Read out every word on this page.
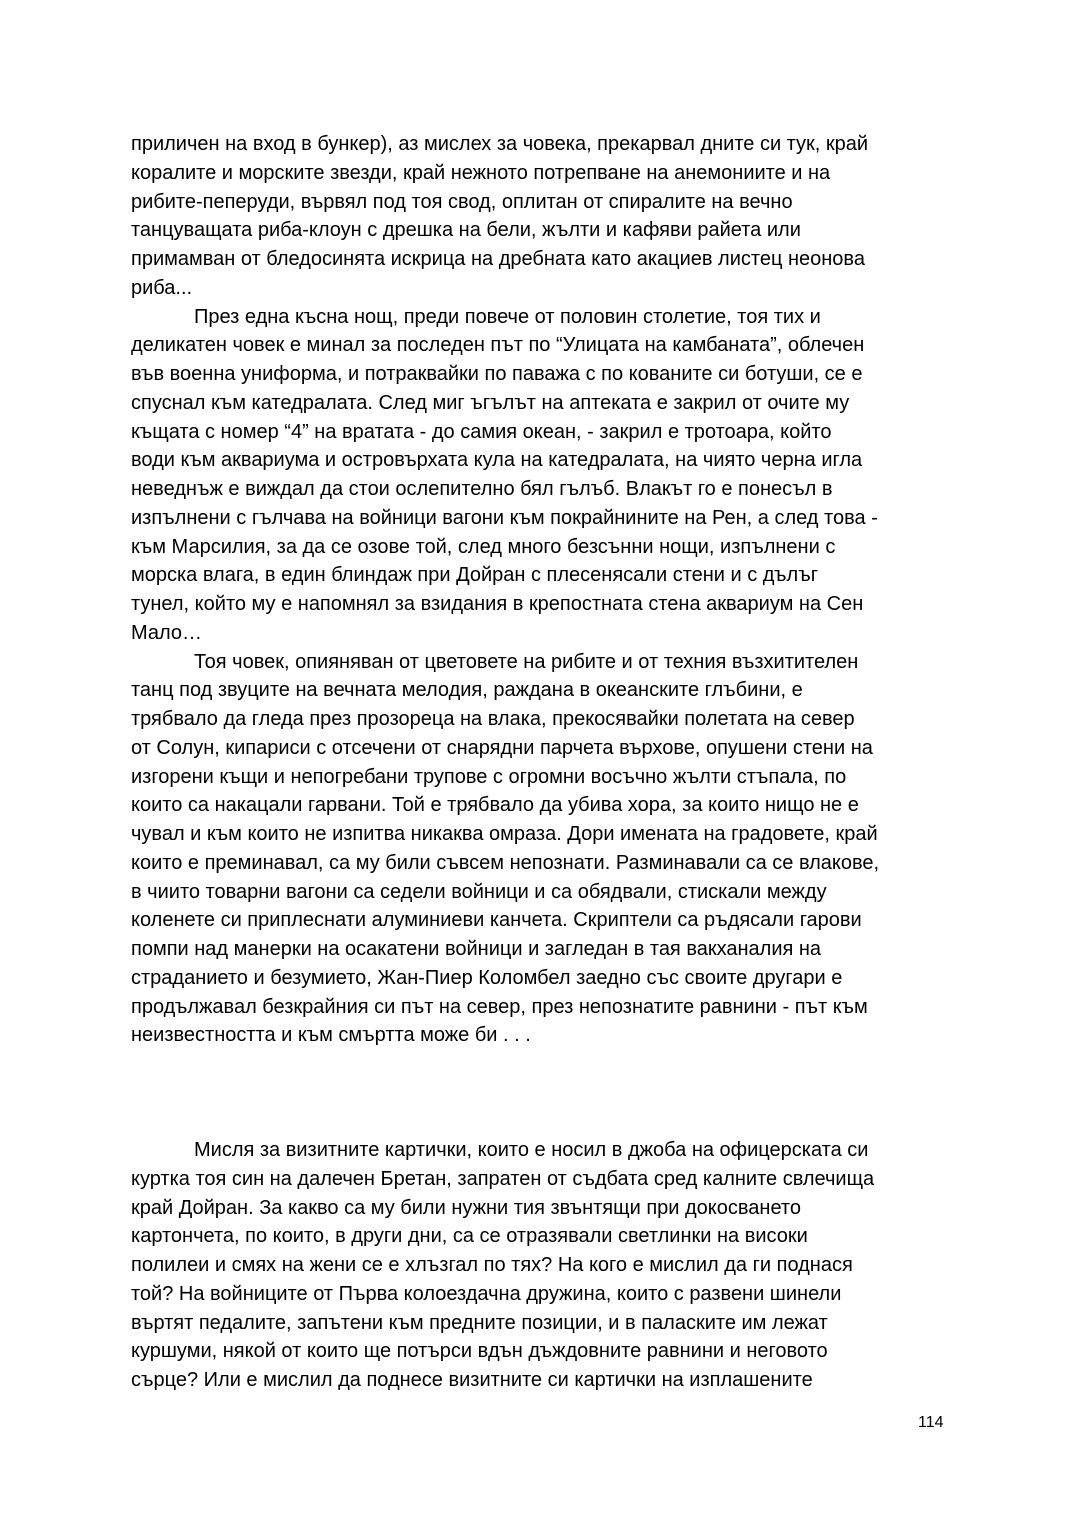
приличен на вход в бункер), аз мислех за човека, прекарвал дните си тук, край
коралите и морските звезди, край нежното потрепване на анемониите и на
рибите-пеперуди, вървял под тоя свод, оплитан от спиралите на вечно
танцуващата риба-клоун с дрешка на бели, жълти и кафяви райета или
примамван от бледосинята искрица на дребната като акациев листец неонова
риба...
През една късна нощ, преди повече от половин столетие, тоя тих и
деликатен човек е минал за последен път по “Улицата на камбаната”, облечен
във военна униформа, и потраквайки по паважа с по кованите си ботуши, се е
спуснал към катедралата. След миг ъгълът на аптеката е закрил от очите му
къщата с номер “4” на вратата - до самия океан, - закрил е тротоара, който
води към аквариума и островърхата кула на катедралата, на чиято черна игла
неведнъж е виждал да стои ослепително бял гълъб. Влакът го е понесъл в
изпълнени с гълчава на войници вагони към покрайнините на Рен, а след това -
към Марсилия, за да се озове той, след много безсънни нощи, изпълнени с
морска влага, в един блиндаж при Дойран с плесенясали стени и с дълъг
тунел, който му е напомнял за взидания в крепостната стена аквариум на Сен
Мало…
Тоя човек, опияняван от цветовете на рибите и от техния възхитителен
танц под звуците на вечната мелодия, раждана в океанските глъбини, е
трябвало да гледа през прозореца на влака, прекосявайки полетата на север
от Солун, кипариси с отсечени от снарядни парчета върхове, опушени стени на
изгорени къщи и непогребани трупове с огромни восъчно жълти стъпала, по
които са накацали гарвани. Той е трябвало да убива хора, за които нищо не е
чувал и към които не изпитва никаква омраза. Дори имената на градовете, край
които е преминавал, са му били съвсем непознати. Разминавали са се влакове,
в чиито товарни вагони са седели войници и са обядвали, стискали между
коленете си приплеснати алуминиеви канчета. Скриптели са ръдясали гарови
помпи над манерки на осакатени войници и загледан в тая вакханалия на
страданието и безумието, Жан-Пиер Коломбел заедно със своите другари е
продължавал безкрайния си път на север, през непознатите равнини - път към
неизвестността и към смъртта може би . . .
Мисля за визитните картички, които е носил в джоба на офицерската си
куртка тоя син на далечен Бретан, запратен от съдбата сред калните свлечища
край Дойран. За какво са му били нужни тия звънтящи при докосването
картончета, по които, в други дни, са се отразявали светлинки на високи
полилеи и смях на жени се е хлъзгал по тях? На кого е мислил да ги поднася
той? На войниците от Първа колоездачна дружина, които с развени шинели
въртят педалите, запътени към предните позиции, и в паласките им лежат
куршуми, някой от които ще потърси вдън дъждовните равнини и неговото
сърце? Или е мислил да поднесе визитните си картички на изплашените
114
